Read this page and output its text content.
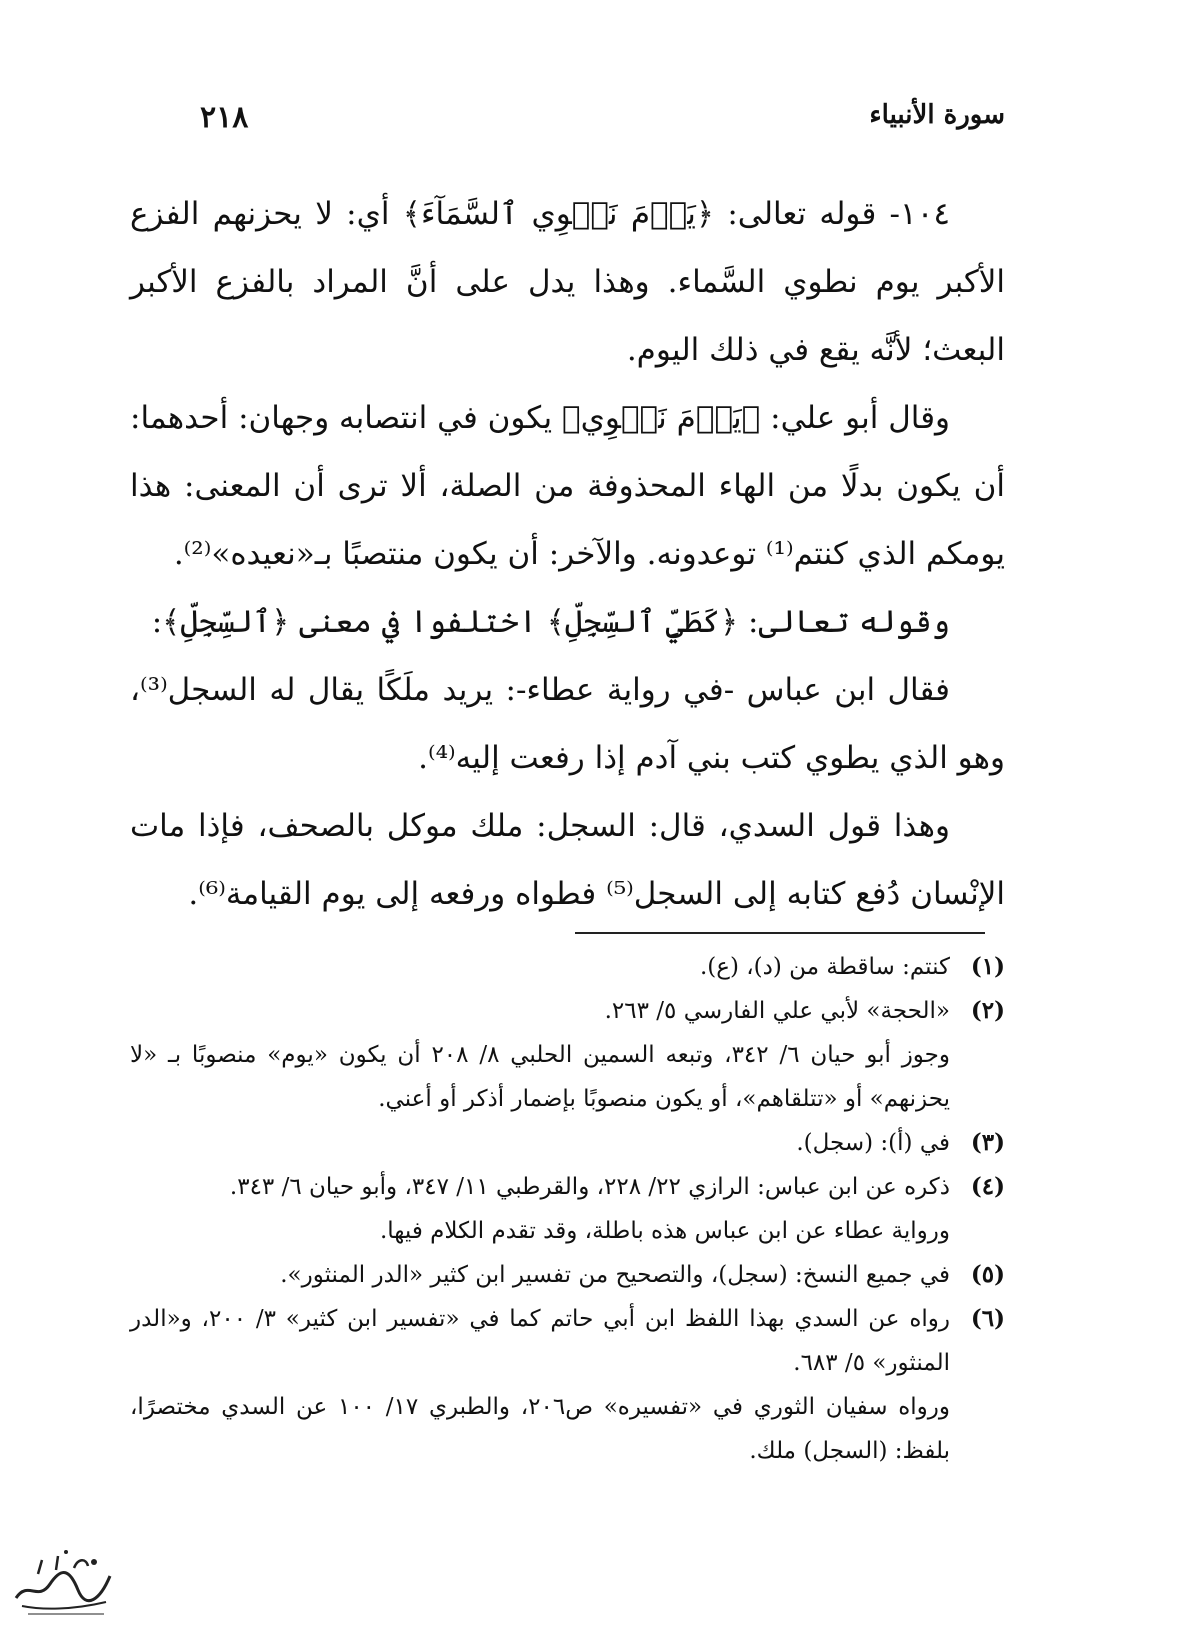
سورة الأنبياء
٢١٨

١٠٤- قوله تعالى: ﴿يَوۡمَ نَطۡوِي ٱلسَّمَآءَ﴾ أي: لا يحزنهم الفزع الأكبر يوم نطوي السَّماء. وهذا يدل على أنَّ المراد بالفزع الأكبر البعث؛ لأنَّه يقع في ذلك اليوم.

وقال أبو علي: ﴿يَوۡمَ نَطۡوِي﴾ يكون في انتصابه وجهان: أحدهما: أن يكون بدلًا من الهاء المحذوفة من الصلة، ألا ترى أن المعنى: هذا يومكم الذي كنتم⁽¹⁾ توعدونه. والآخر: أن يكون منتصبًا بـ«نعيده»⁽²⁾.

وقوله تعالى: ﴿كَطَيِّ ٱلسِّجِلِّ﴾ اختلفوا في معنى ﴿ٱلسِّجِلِّ﴾:

فقال ابن عباس -في رواية عطاء-: يريد ملَكًا يقال له السجل⁽³⁾، وهو الذي يطوي كتب بني آدم إذا رفعت إليه⁽⁴⁾.

وهذا قول السدي، قال: السجل: ملك موكل بالصحف، فإذا مات الإنْسان دُفع كتابه إلى السجل⁽⁵⁾ فطواه ورفعه إلى يوم القيامة⁽⁶⁾.

(١)
كنتم: ساقطة من (د)، (ع).
(٢)
«الحجة» لأبي علي الفارسي ٥/ ٢٦٣.

وجوز أبو حيان ٦/ ٣٤٢، وتبعه السمين الحلبي ٨/ ٢٠٨ أن يكون «يوم» منصوبًا بـ «لا يحزنهم» أو «تتلقاهم»، أو يكون منصوبًا بإضمار أذكر أو أعني.

(٣)
في (أ): (سجل).
(٤)
ذكره عن ابن عباس: الرازي ٢٢/ ٢٢٨، والقرطبي ١١/ ٣٤٧، وأبو حيان ٦/ ٣٤٣.

ورواية عطاء عن ابن عباس هذه باطلة، وقد تقدم الكلام فيها.

(٥)
في جميع النسخ: (سجل)، والتصحيح من تفسير ابن كثير «الدر المنثور».
(٦)
رواه عن السدي بهذا اللفظ ابن أبي حاتم كما في «تفسير ابن كثير» ٣/ ٢٠٠، و«الدر المنثور» ٥/ ٦٨٣.

ورواه سفيان الثوري في «تفسيره» ص٢٠٦، والطبري ١٧/ ١٠٠ عن السدي مختصرًا، بلفظ: (السجل) ملك.
